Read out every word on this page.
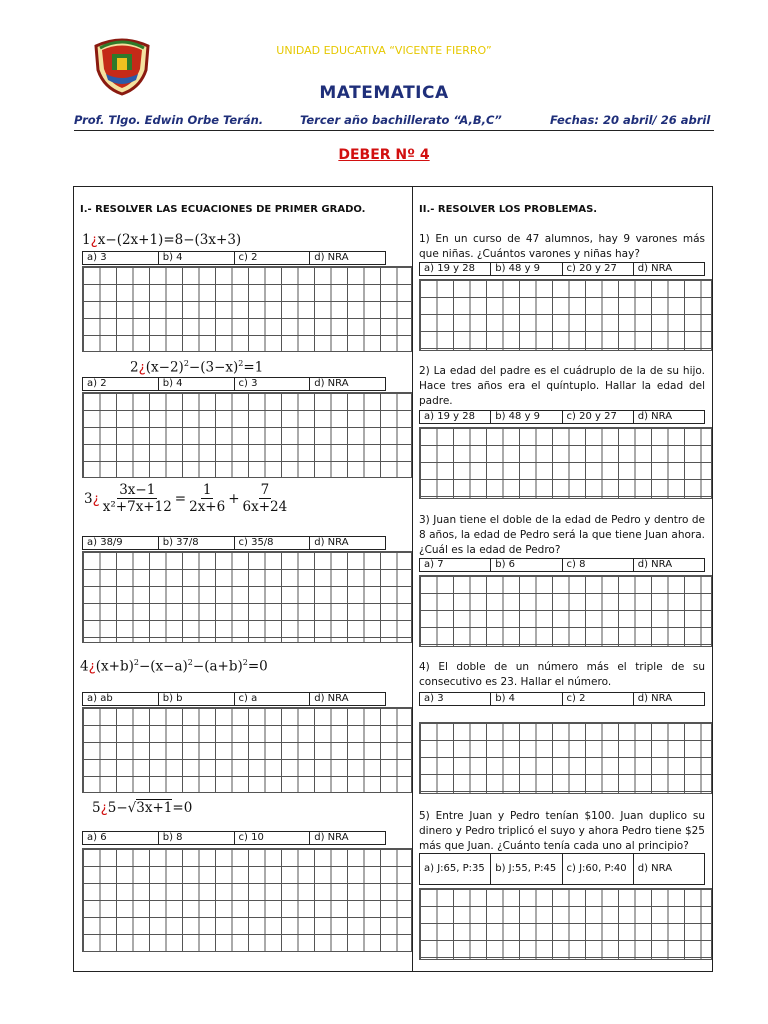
UNIDAD EDUCATIVA “VICENTE FIERRO”
MATEMATICA
Prof. Tlgo. Edwin Orbe Terán.	Tercer año bachillerato “A,B,C”	Fechas: 20 abril/ 26 abril
DEBER Nº 4
I.- RESOLVER LAS ECUACIONES DE PRIMER GRADO.
1¿x−(2x+1)=8−(3x+3)
a) 3	b) 4	c) 2	d) NRA
$2¿(x-2)^2-(3-x)^2=1$
a) 2	b) 4	c) 3	d) NRA
3 ¿ $\frac{3x-1}{\text{x²+7x+12}} = \frac{1}{2x+6} + \frac{7}{6x+24}$
a) 38/9	b) 37/8	c) 35/8	d) NRA
$4¿(x+b)^2-(x-a)^2-(a+b)^2=0$
a) ab	b) b	c) a	d) NRA
5¿5−√3x+1=0
a) 6	b) 8	c) 10	d) NRA
II.- RESOLVER LOS PROBLEMAS.
1) En un curso de 47 alumnos, hay 9 varones más que niñas. ¿Cuántos varones y niñas hay?
a) 19 y 28	b) 48 y 9	c) 20 y 27	d) NRA
2) La edad del padre es el cuádruplo de la de su hijo. Hace tres años era el quíntuplo. Hallar la edad del padre.
a) 19 y 28	b) 48 y 9	c) 20 y 27	d) NRA
3) Juan tiene el doble de la edad de Pedro y dentro de 8 años, la edad de Pedro será la que tiene Juan ahora. ¿Cuál es la edad de Pedro?
a) 7	b) 6	c) 8	d) NRA
4) El doble de un número más el triple de su consecutivo es 23. Hallar el número.
a) 3	b) 4	c) 2	d) NRA
5) Entre Juan y Pedro tenían $100. Juan duplico su dinero y Pedro triplicó el suyo y ahora Pedro tiene $25 más que Juan. ¿Cuánto tenía cada uno al principio?
a) J:65, P:35	b) J:55, P:45	c) J:60, P:40	d) NRA
